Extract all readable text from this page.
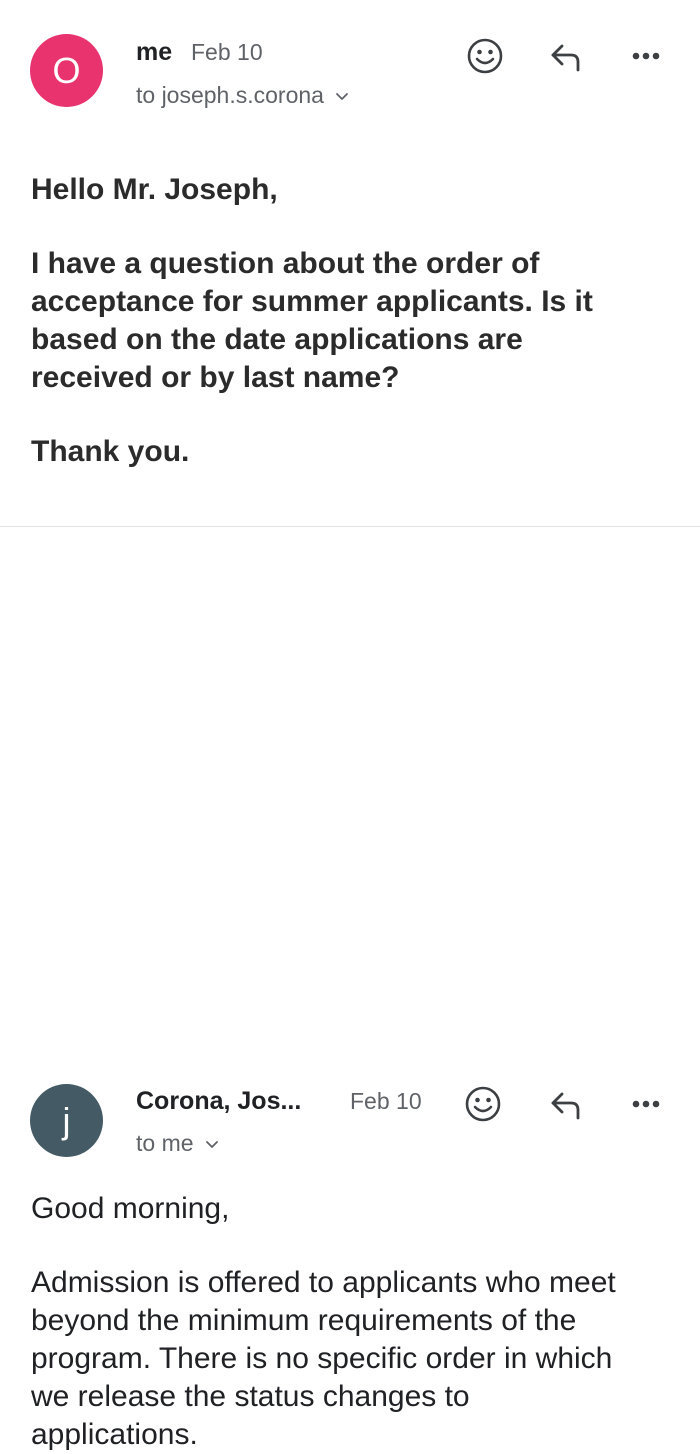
O	me Feb 10
to joseph.s.corona
Hello Mr. Joseph,
I have a question about the order of
acceptance for summer applicants. Is it
based on the date applications are
received or by last name?
Thank you.
j	Corona, Jos... Feb 10
to me
Good morning,
Admission is offered to applicants who meet
beyond the minimum requirements of the
program. There is no specific order in which
we release the status changes to
applications.
